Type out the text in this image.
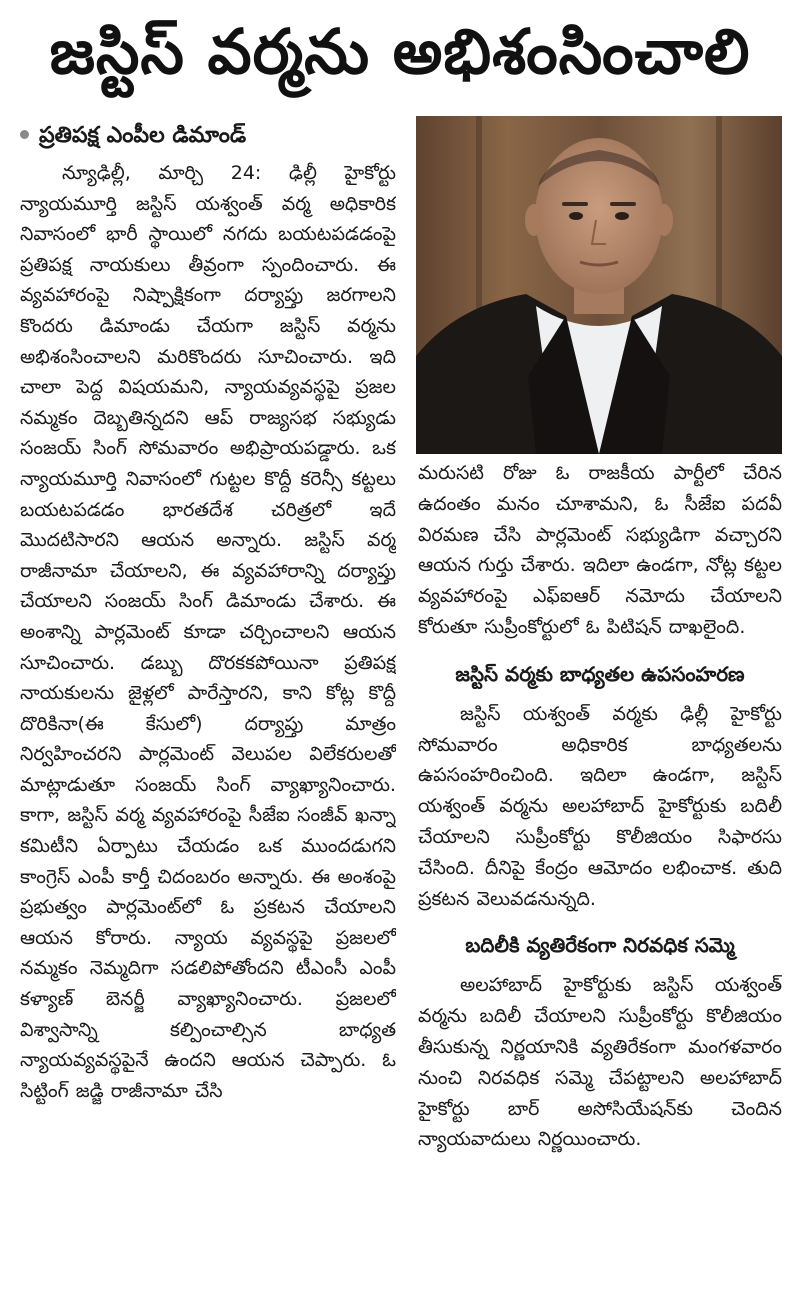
జస్టిస్ వర్మను అభిశంసించాలి
ప్రతిపక్ష ఎంపీల డిమాండ్

న్యూఢిల్లీ, మార్చి 24: ఢిల్లీ హైకోర్టు న్యాయమూర్తి జస్టిస్ యశ్వంత్ వర్మ అధికారిక నివాసంలో భారీ స్థాయిలో నగదు బయటపడడంపై ప్రతిపక్ష నాయకులు తీవ్రంగా స్పందించారు. ఈ వ్యవహారంపై నిష్పాక్షికంగా దర్యాప్తు జరగాలని కొందరు డిమాండు చేయగా జస్టిస్ వర్మను అభిశంసించాలని మరికొందరు సూచించారు. ఇది చాలా పెద్ద విషయమని, న్యాయవ్యవస్థపై ప్రజల నమ్మకం దెబ్బతిన్నదని ఆప్ రాజ్యసభ సభ్యుడు సంజయ్ సింగ్ సోమవారం అభిప్రాయపడ్డారు. ఒక న్యాయమూర్తి నివాసంలో గుట్టల కొద్దీ కరెన్సీ కట్టలు బయటపడడం భారతదేశ చరిత్రలో ఇదే మొదటిసారని ఆయన అన్నారు. జస్టిస్ వర్మ రాజీనామా చేయాలని, ఈ వ్యవహారాన్ని దర్యాప్తు చేయాలని సంజయ్ సింగ్ డిమాండు చేశారు. ఈ అంశాన్ని పార్లమెంట్ కూడా చర్చించాలని ఆయన సూచించారు. డబ్బు దొరకకపోయినా ప్రతిపక్ష నాయకులను జైళ్లలో పారేస్తారని, కాని కోట్ల కొద్దీ దొరికినా(ఈ కేసులో) దర్యాప్తు మాత్రం నిర్వహించరని పార్లమెంట్ వెలుపల విలేకరులతో మాట్లాడుతూ సంజయ్ సింగ్ వ్యాఖ్యానించారు. కాగా, జస్టిస్ వర్మ వ్యవహారంపై సీజేఐ సంజీవ్ ఖన్నా కమిటీని ఏర్పాటు చేయడం ఒక ముందడుగని కాంగ్రెస్ ఎంపీ కార్తీ చిదంబరం అన్నారు. ఈ అంశంపై ప్రభుత్వం పార్లమెంట్‌లో ఓ ప్రకటన చేయాలని ఆయన కోరారు. న్యాయ వ్యవస్థపై ప్రజలలో నమ్మకం నెమ్మదిగా సడలిపోతోందని టీఎంసీ ఎంపీ కళ్యాణ్ బెనర్జీ వ్యాఖ్యానించారు. ప్రజలలో విశ్వాసాన్ని కల్పించాల్సిన బాధ్యత న్యాయవ్యవస్థపైనే ఉందని ఆయన చెప్పారు. ఓ సిట్టింగ్ జడ్జి రాజీనామా చేసి

మరుసటి రోజు ఓ రాజకీయ పార్టీలో చేరిన ఉదంతం మనం చూశామని, ఓ సీజేఐ పదవీ విరమణ చేసి పార్లమెంట్ సభ్యుడిగా వచ్చారని ఆయన గుర్తు చేశారు. ఇదిలా ఉండగా, నోట్ల కట్టల వ్యవహారంపై ఎఫ్ఐఆర్ నమోదు చేయాలని కోరుతూ సుప్రీంకోర్టులో ఓ పిటిషన్ దాఖలైంది.

జస్టిస్ వర్మకు బాధ్యతల ఉపసంహరణ

జస్టిస్ యశ్వంత్ వర్మకు ఢిల్లీ హైకోర్టు సోమవారం అధికారిక బాధ్యతలను ఉపసంహరించింది. ఇదిలా ఉండగా, జస్టిస్ యశ్వంత్ వర్మను అలహాబాద్ హైకోర్టుకు బదిలీ చేయాలని సుప్రీంకోర్టు కొలీజియం సిఫారసు చేసింది. దీనిపై కేంద్రం ఆమోదం లభించాక. తుది ప్రకటన వెలువడనున్నది.

బదిలీకి వ్యతిరేకంగా నిరవధిక సమ్మె

అలహాబాద్ హైకోర్టుకు జస్టిస్ యశ్వంత్ వర్మను బదిలీ చేయాలని సుప్రీంకోర్టు కొలీజియం తీసుకున్న నిర్ణయానికి వ్యతిరేకంగా మంగళవారం నుంచి నిరవధిక సమ్మె చేపట్టాలని అలహాబాద్ హైకోర్టు బార్ అసోసియేషన్‌కు చెందిన న్యాయవాదులు నిర్ణయించారు.
